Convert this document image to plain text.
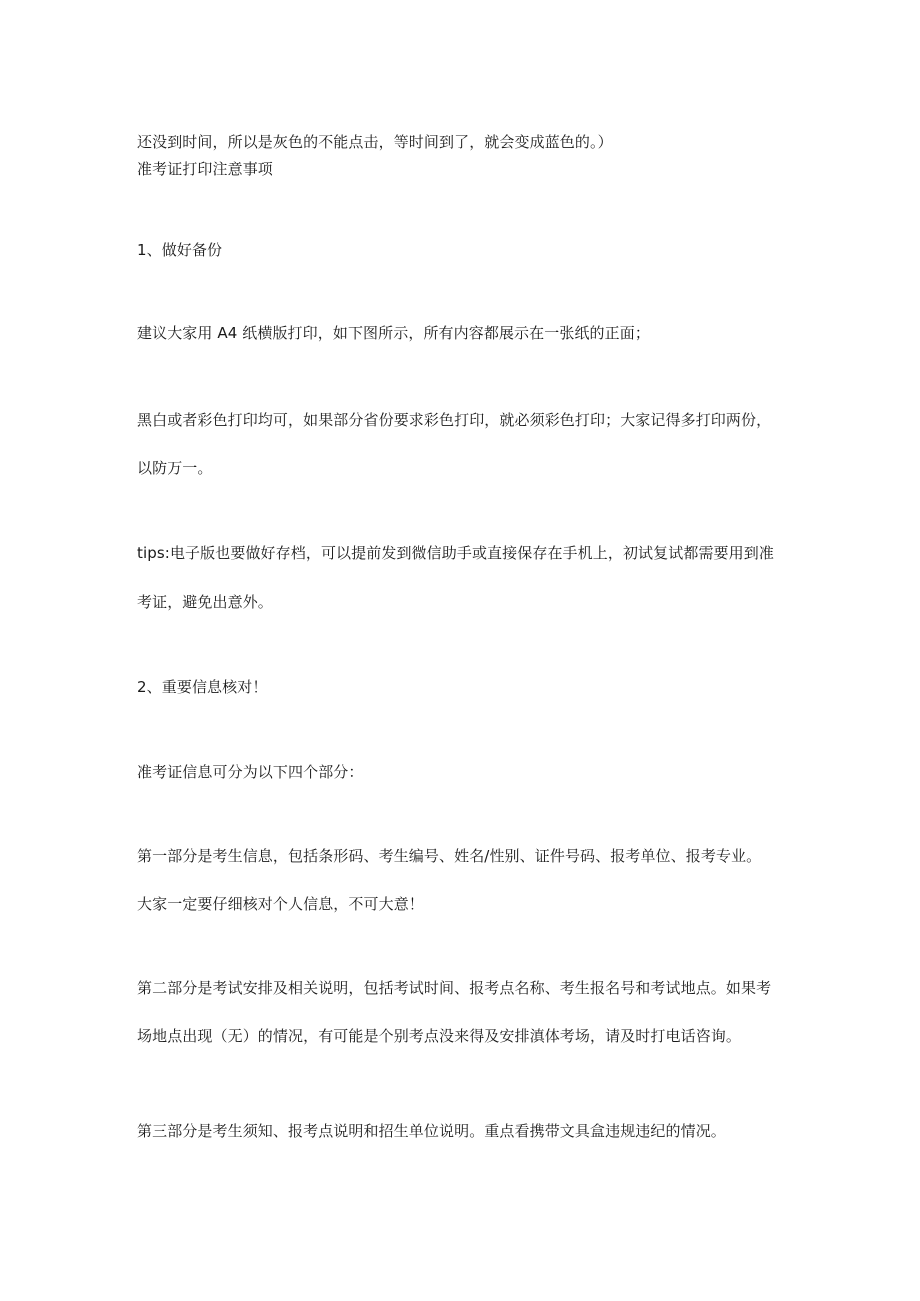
还没到时间，所以是灰色的不能点击，等时间到了，就会变成蓝色的。）
准考证打印注意事项
1、做好备份
建议大家用 A4 纸横版打印，如下图所示，所有内容都展示在一张纸的正面；
黑白或者彩色打印均可，如果部分省份要求彩色打印，就必须彩色打印；大家记得多打印两份，
以防万一。
tips:电子版也要做好存档，可以提前发到微信助手或直接保存在手机上，初试复试都需要用到准
考证，避免出意外。
2、重要信息核对！
准考证信息可分为以下四个部分：
第一部分是考生信息，包括条形码、考生编号、姓名/性别、证件号码、报考单位、报考专业。
大家一定要仔细核对个人信息，不可大意！
第二部分是考试安排及相关说明，包括考试时间、报考点名称、考生报名号和考试地点。如果考
场地点出现（无）的情况，有可能是个别考点没来得及安排滇体考场，请及时打电话咨询。
第三部分是考生须知、报考点说明和招生单位说明。重点看携带文具盒违规违纪的情况。
